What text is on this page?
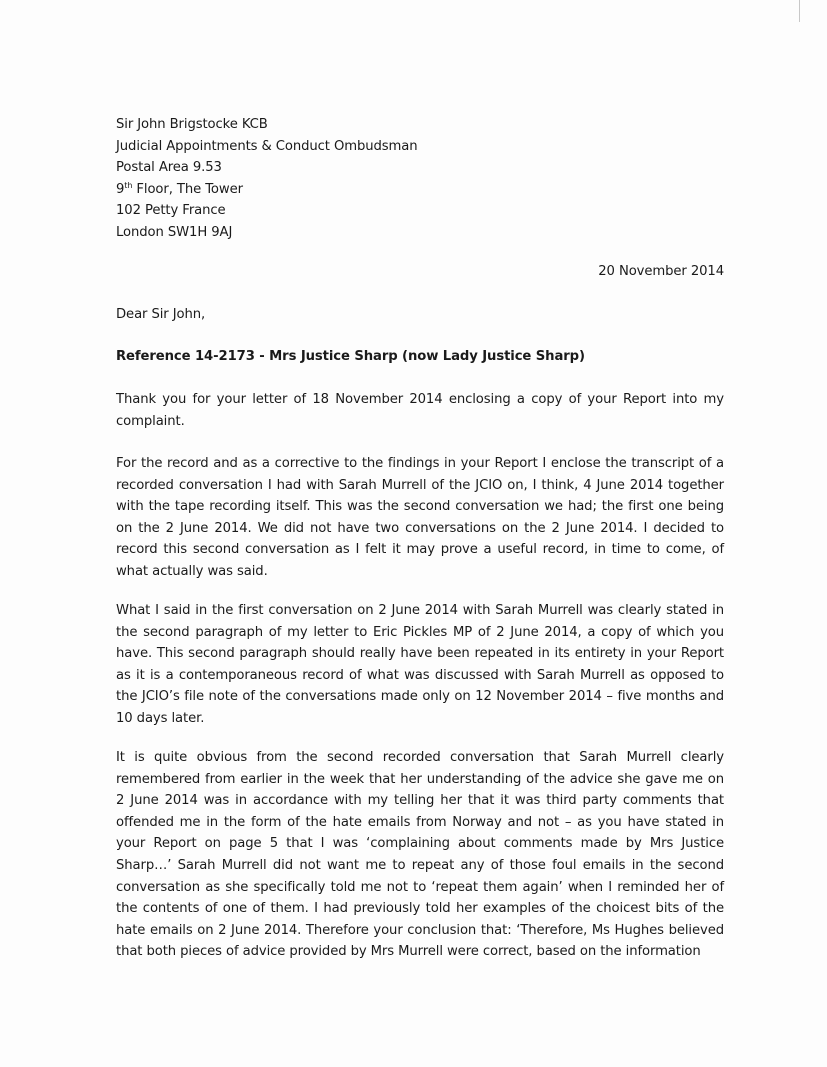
Sir John Brigstocke KCB
Judicial Appointments & Conduct Ombudsman
Postal Area 9.53
9th Floor, The Tower
102 Petty France
London SW1H 9AJ
20 November 2014
Dear Sir John,
Reference 14-2173 - Mrs Justice Sharp (now Lady Justice Sharp)
Thank you for your letter of 18 November 2014 enclosing a copy of your Report into my complaint.
For the record and as a corrective to the findings in your Report I enclose the transcript of a recorded conversation I had with Sarah Murrell of the JCIO on, I think, 4 June 2014 together with the tape recording itself. This was the second conversation we had; the first one being on the 2 June 2014. We did not have two conversations on the 2 June 2014. I decided to record this second conversation as I felt it may prove a useful record, in time to come, of what actually was said.
What I said in the first conversation on 2 June 2014 with Sarah Murrell was clearly stated in the second paragraph of my letter to Eric Pickles MP of 2 June 2014, a copy of which you have. This second paragraph should really have been repeated in its entirety in your Report as it is a contemporaneous record of what was discussed with Sarah Murrell as opposed to the JCIO’s file note of the conversations made only on 12 November 2014 – five months and 10 days later.
It is quite obvious from the second recorded conversation that Sarah Murrell clearly remembered from earlier in the week that her understanding of the advice she gave me on 2 June 2014 was in accordance with my telling her that it was third party comments that offended me in the form of the hate emails from Norway and not – as you have stated in your Report on page 5 that I was ‘complaining about comments made by Mrs Justice Sharp…’ Sarah Murrell did not want me to repeat any of those foul emails in the second conversation as she specifically told me not to ‘repeat them again’ when I reminded her of the contents of one of them. I had previously told her examples of the choicest bits of the hate emails on 2 June 2014. Therefore your conclusion that: ‘Therefore, Ms Hughes believed that both pieces of advice provided by Mrs Murrell were correct, based on the information
